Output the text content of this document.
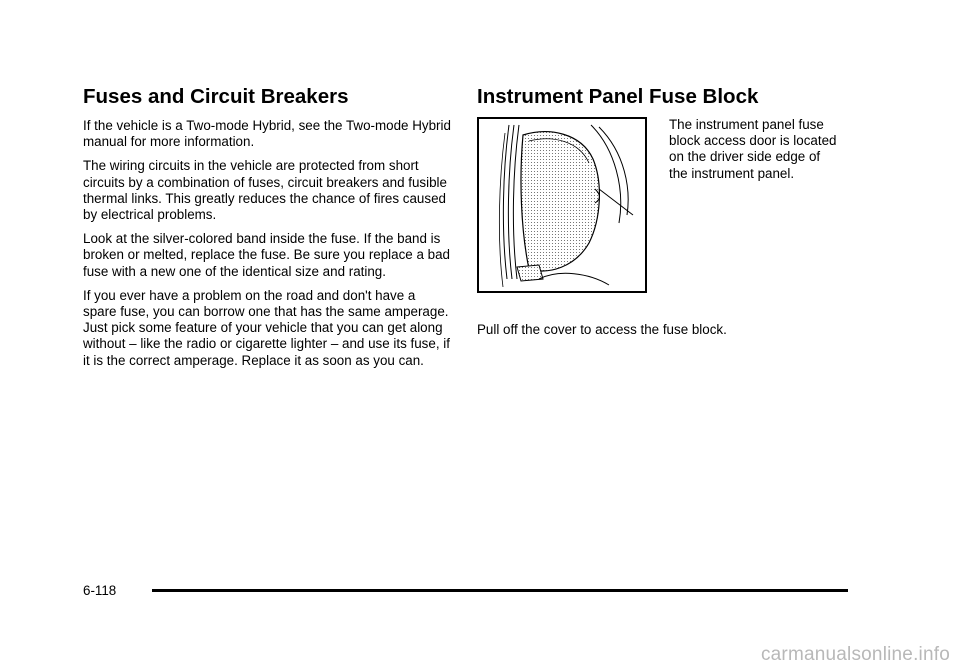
Fuses and Circuit Breakers

If the vehicle is a Two-mode Hybrid, see the Two-mode Hybrid manual for more information.

The wiring circuits in the vehicle are protected from short circuits by a combination of fuses, circuit breakers and fusible thermal links. This greatly reduces the chance of fires caused by electrical problems.

Look at the silver-colored band inside the fuse. If the band is broken or melted, replace the fuse. Be sure you replace a bad fuse with a new one of the identical size and rating.

If you ever have a problem on the road and don't have a spare fuse, you can borrow one that has the same amperage. Just pick some feature of your vehicle that you can get along without – like the radio or cigarette lighter – and use its fuse, if it is the correct amperage. Replace it as soon as you can.

Instrument Panel Fuse Block

The instrument panel fuse block access door is located on the driver side edge of the instrument panel.

Pull off the cover to access the fuse block.

6-118
carmanualsonline.info
